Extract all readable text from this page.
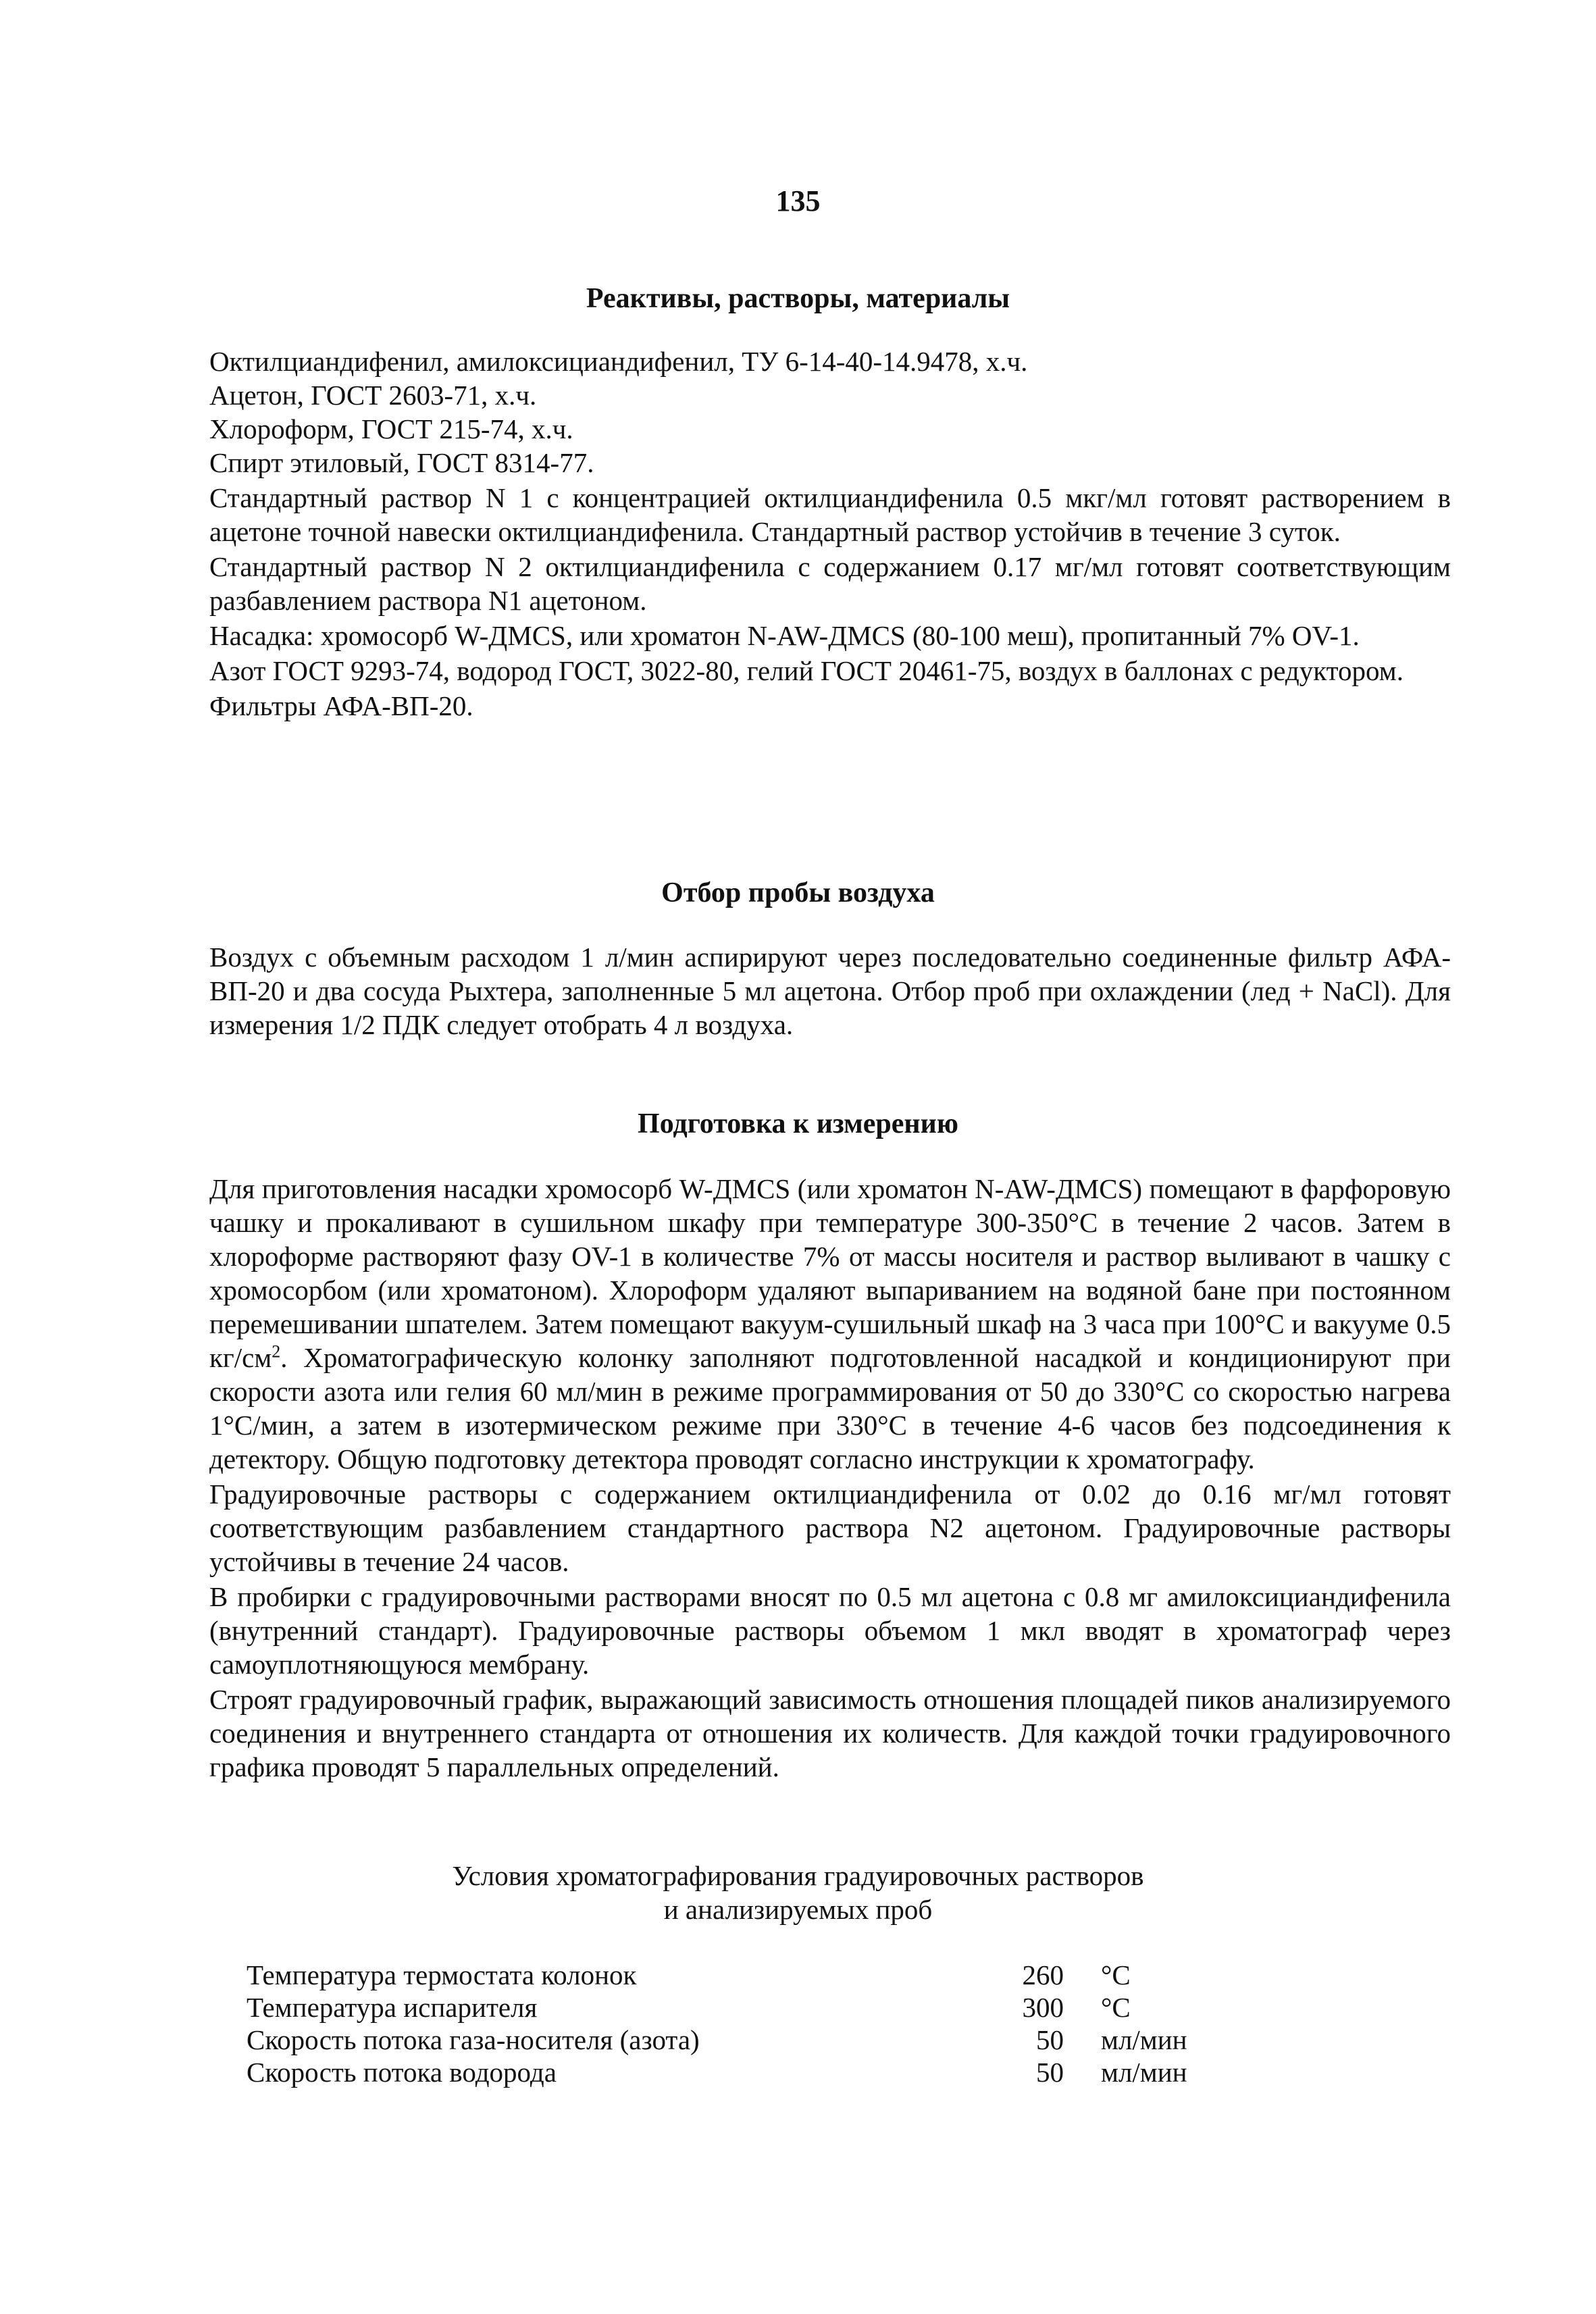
135
Реактивы, растворы, материалы

Октилциандифенил, амилоксициандифенил, ТУ 6-14-40-14.9478, х.ч.

Ацетон, ГОСТ 2603-71, х.ч.

Хлороформ, ГОСТ 215-74, х.ч.

Спирт этиловый, ГОСТ 8314-77.

Стандартный раствор N 1 с концентрацией октилциандифенила 0.5 мкг/мл готовят растворением в ацетоне точной навески октилциандифенила. Стандартный раствор устойчив в течение 3 суток.

Стандартный раствор N 2 октилциандифенила с содержанием 0.17 мг/мл готовят соответствующим разбавлением раствора N1 ацетоном.

Насадка: хромосорб W-ДMCS, или хроматон N-AW-ДMCS (80-100 меш), пропитанный 7% OV-1.

Азот ГОСТ 9293-74, водород ГОСТ, 3022-80, гелий ГОСТ 20461-75, воздух в баллонах с редуктором.

Фильтры АФА-ВП-20.

Отбор пробы воздуха

Воздух с объемным расходом 1 л/мин аспирируют через последовательно соединенные фильтр АФА-ВП-20 и два сосуда Рыхтера, заполненные 5 мл ацетона. Отбор проб при охлаждении (лед + NaCl). Для измерения 1/2 ПДК следует отобрать 4 л воздуха.

Подготовка к измерению

Для приготовления насадки хромосорб W-ДMCS (или хроматон N-AW-ДMCS) помещают в фарфоровую чашку и прокаливают в сушильном шкафу при температуре 300-350°С в течение 2 часов. Затем в хлороформе растворяют фазу OV-1 в количестве 7% от массы носителя и раствор выливают в чашку с хромосорбом (или хроматоном). Хлороформ удаляют выпариванием на водяной бане при постоянном перемешивании шпателем. Затем помещают вакуум-сушильный шкаф на 3 часа при 100°С и вакууме 0.5 $кг/см^2$. Хроматографическую колонку заполняют подготовленной насадкой и кондиционируют при скорости азота или гелия 60 мл/мин в режиме программирования от 50 до 330°С со скоростью нагрева 1°С/мин, а затем в изотермическом режиме при 330°С в течение 4-6 часов без подсоединения к детектору. Общую подготовку детектора проводят согласно инструкции к хроматографу.

Градуировочные растворы с содержанием октилциандифенила от 0.02 до 0.16 мг/мл готовят соответствующим разбавлением стандартного раствора N2 ацетоном. Градуировочные растворы устойчивы в течение 24 часов.

В пробирки с градуировочными растворами вносят по 0.5 мл ацетона с 0.8 мг амилоксициандифенила (внутренний стандарт). Градуировочные растворы объемом 1 мкл вводят в хроматограф через самоуплотняющуюся мембрану.

Строят градуировочный график, выражающий зависимость отношения площадей пиков анализируемого соединения и внутреннего стандарта от отношения их количеств. Для каждой точки градуировочного графика проводят 5 параллельных определений.

Условия хроматографирования градуировочных растворов
и анализируемых проб
Температура термостата колонок	260	°C
Температура испарителя	300	°C
Скорость потока газа-носителя (азота)	50	мл/мин
Скорость потока водорода	50	мл/мин
